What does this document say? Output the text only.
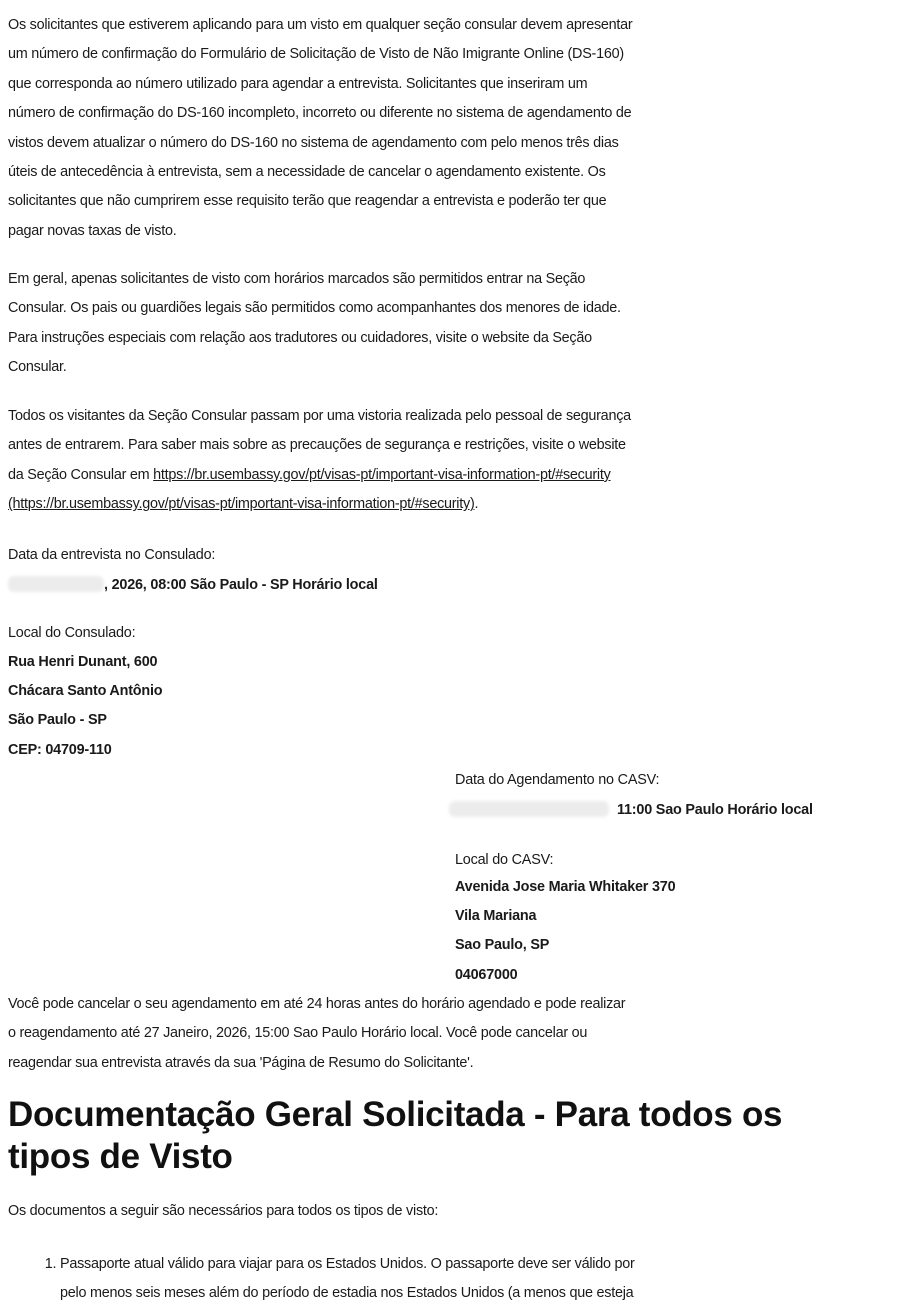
Os solicitantes que estiverem aplicando para um visto em qualquer seção consular devem apresentar
um número de confirmação do Formulário de Solicitação de Visto de Não Imigrante Online (DS-160)
que corresponda ao número utilizado para agendar a entrevista. Solicitantes que inseriram um
número de confirmação do DS-160 incompleto, incorreto ou diferente no sistema de agendamento de
vistos devem atualizar o número do DS-160 no sistema de agendamento com pelo menos três dias
úteis de antecedência à entrevista, sem a necessidade de cancelar o agendamento existente. Os
solicitantes que não cumprirem esse requisito terão que reagendar a entrevista e poderão ter que
pagar novas taxas de visto.
Em geral, apenas solicitantes de visto com horários marcados são permitidos entrar na Seção
Consular. Os pais ou guardiões legais são permitidos como acompanhantes dos menores de idade.
Para instruções especiais com relação aos tradutores ou cuidadores, visite o website da Seção
Consular.
Todos os visitantes da Seção Consular passam por uma vistoria realizada pelo pessoal de segurança
antes de entrarem. Para saber mais sobre as precauções de segurança e restrições, visite o website
da Seção Consular em https://br.usembassy.gov/pt/visas-pt/important-visa-information-pt/#security
(https://br.usembassy.gov/pt/visas-pt/important-visa-information-pt/#security).
Data da entrevista no Consulado:
, 2026, 08:00 São Paulo - SP Horário local
Local do Consulado:
Rua Henri Dunant, 600
Chácara Santo Antônio
São Paulo - SP
CEP: 04709-110
Data do Agendamento no CASV:
11:00 Sao Paulo Horário local
Local do CASV:
Avenida Jose Maria Whitaker 370
Vila Mariana
Sao Paulo, SP
04067000
Você pode cancelar o seu agendamento em até 24 horas antes do horário agendado e pode realizar
o reagendamento até 27 Janeiro, 2026, 15:00 Sao Paulo Horário local. Você pode cancelar ou
reagendar sua entrevista através da sua 'Página de Resumo do Solicitante'.
Documentação Geral Solicitada - Para todos os
tipos de Visto
Os documentos a seguir são necessários para todos os tipos de visto:
1. Passaporte atual válido para viajar para os Estados Unidos. O passaporte deve ser válido por
pelo menos seis meses além do período de estadia nos Estados Unidos (a menos que esteja
